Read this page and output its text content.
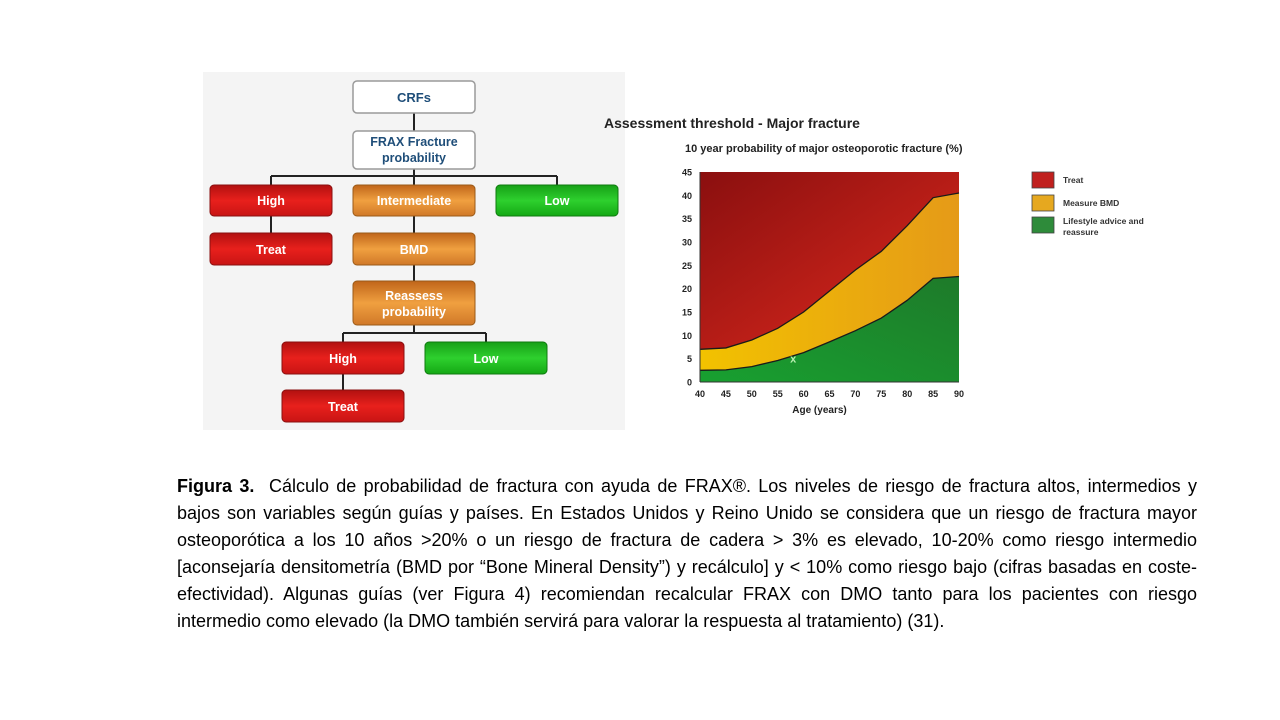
CRFs
FRAX Fracture
probability
High	Intermediate	Low
Treat	BMD
Reassess
probability
High	Low
Treat
Assessment threshold - Major fracture
10 year probability of major osteoporotic fracture (%)
0
5
10
15
20
25
30
35
40
45
40 45 50 55 60 65 70 75 80 85 90
Age (years)
x
Treat
Measure BMD
Lifestyle advice and
reassure
Figura 3. Cálculo de probabilidad de fractura con ayuda de FRAX®. Los niveles de riesgo de fractura altos, intermedios y bajos son variables según guías y países. En Estados Unidos y Reino Unido se considera que un riesgo de fractura mayor osteoporótica a los 10 años >20% o un riesgo de fractura de cadera > 3% es elevado, 10-20% como riesgo intermedio [aconsejaría densitometría (BMD por “Bone Mineral Density”) y recálculo] y < 10% como riesgo bajo (cifras basadas en coste-efectividad). Algunas guías (ver Figura 4) recomiendan recalcular FRAX con DMO tanto para los pacientes con riesgo intermedio como elevado (la DMO también servirá para valorar la respuesta al tratamiento) (31).
